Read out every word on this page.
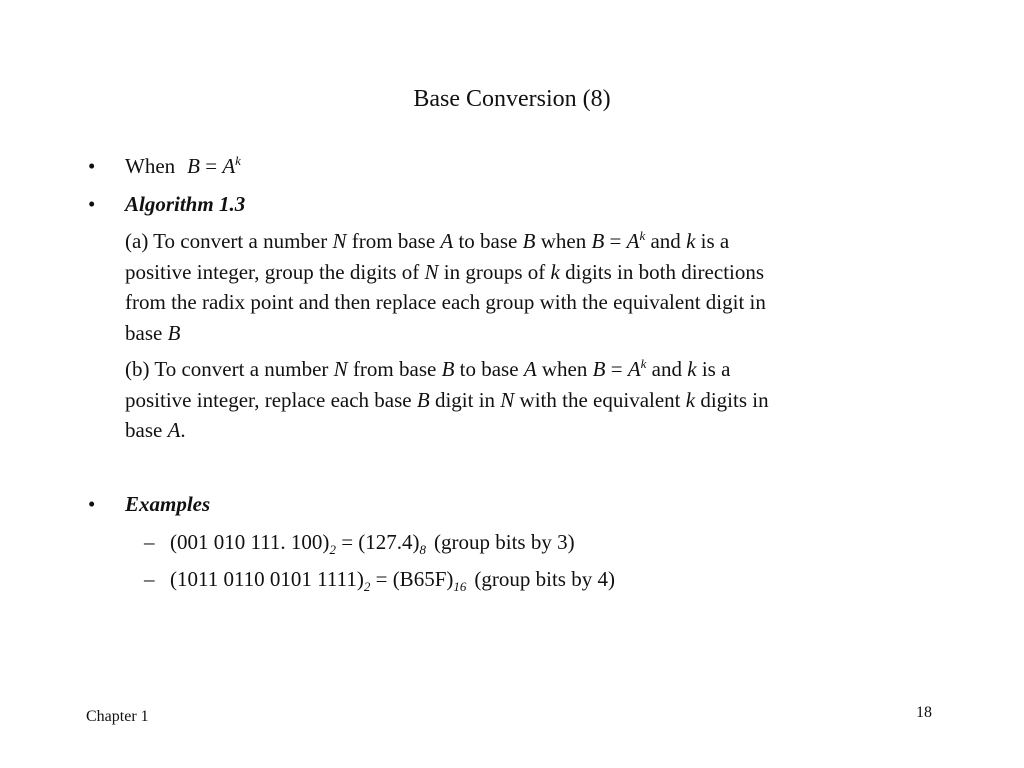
Base Conversion (8)
•	When $B = A^k$
•	Algorithm 1.3
(a) To convert a number N from base A to base B when $B = A^k$ and k is a
positive integer, group the digits of N in groups of k digits in both directions
from the radix point and then replace each group with the equivalent digit in
base B
(b) To convert a number N from base B to base A when $B = A^k$ and k is a
positive integer, replace each base B digit in N with the equivalent k digits in
base A.
•	Examples
– (001 010 111. $100)_2 = (127.4)_8$ (group bits by 3)
– (1011 0110 0101 $1111)_2 = (B65F)_{16}$ (group bits by 4)
Chapter 1	18
